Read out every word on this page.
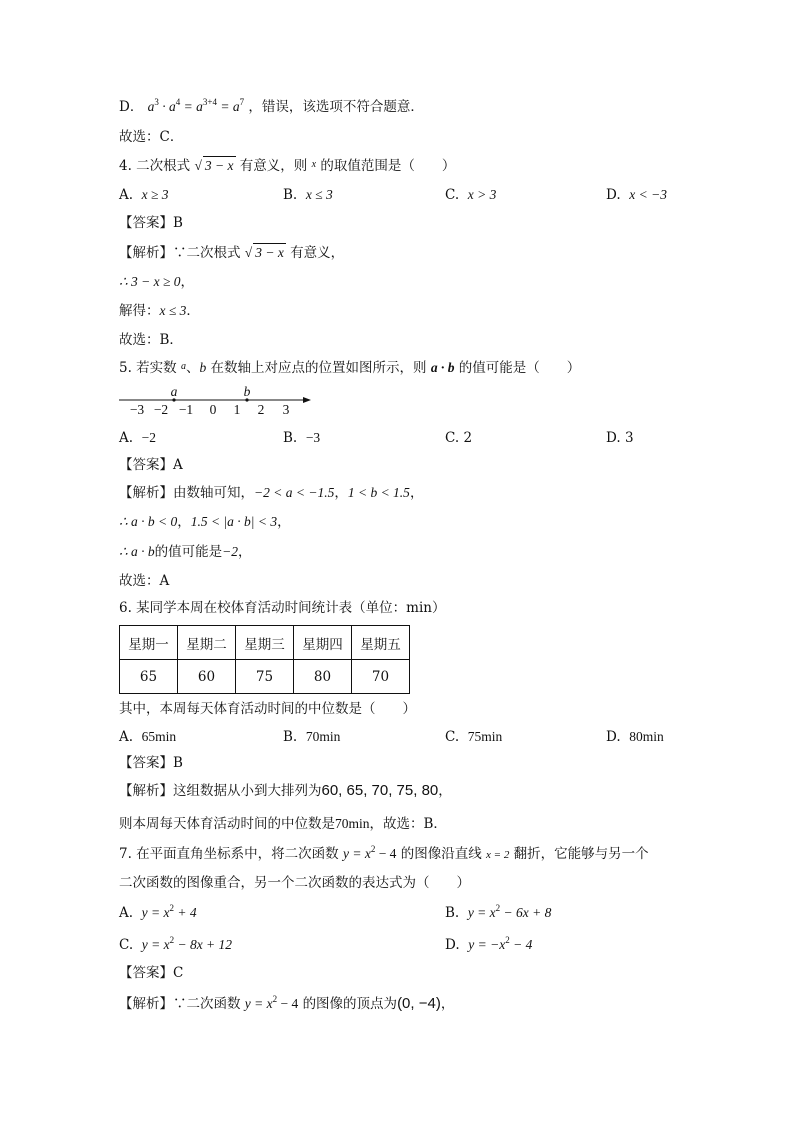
D． $a^3 \cdot a^4 = a^{3+4} = a^7$ ，错误，该选项不符合题意．
故选：C．
4. 二次根式 √ 3 − x 有意义，则 $^x$ 的取值范围是（　　）
A. x ≥ 3	B. x ≤ 3	C. x > 3	D. x < −3
【答案】B
【解析】∵二次根式 √ 3 − x 有意义，
∴ 3 − x ≥ 0，
解得：x ≤ 3．
故选：B．
5. 若实数 $^a$、b 在数轴上对应点的位置如图所示，则 a · b 的值可能是（　　）
a	b
−3 −2 −1 0 1 2 3
A. −2	B. −3	C. 2	D. 3
【答案】A
【解析】由数轴可知，−2 < a < −1.5，1 < b < 1.5，
∴ a · b < 0，1.5 < |a · b| < 3，
∴ a · b的值可能是−2，
故选：A
6. 某同学本周在校体育活动时间统计表（单位：min）
星期一	星期二	星期三	星期四	星期五
65	60	75	80	70
其中，本周每天体育活动时间的中位数是（　　）
A. 65min	B. 70min	C. 75min	D. 80min
【答案】B
【解析】这组数据从小到大排列为60, 65, 70, 75, 80，
则本周每天体育活动时间的中位数是70min，故选：B．
7. 在平面直角坐标系中，将二次函数 $y = x^2 - 4$ 的图像沿直线 x = 2 翻折，它能够与另一个
二次函数的图像重合，另一个二次函数的表达式为（　　）
A. $y = x^2 + 4$	B. $y = x^2 - 6x + 8$
C. $y = x^2 - 8x + 12$	D. $y = -x^2 - 4$
【答案】C
【解析】∵二次函数 $y = x^2 - 4$ 的图像的顶点为(0, −4)，
